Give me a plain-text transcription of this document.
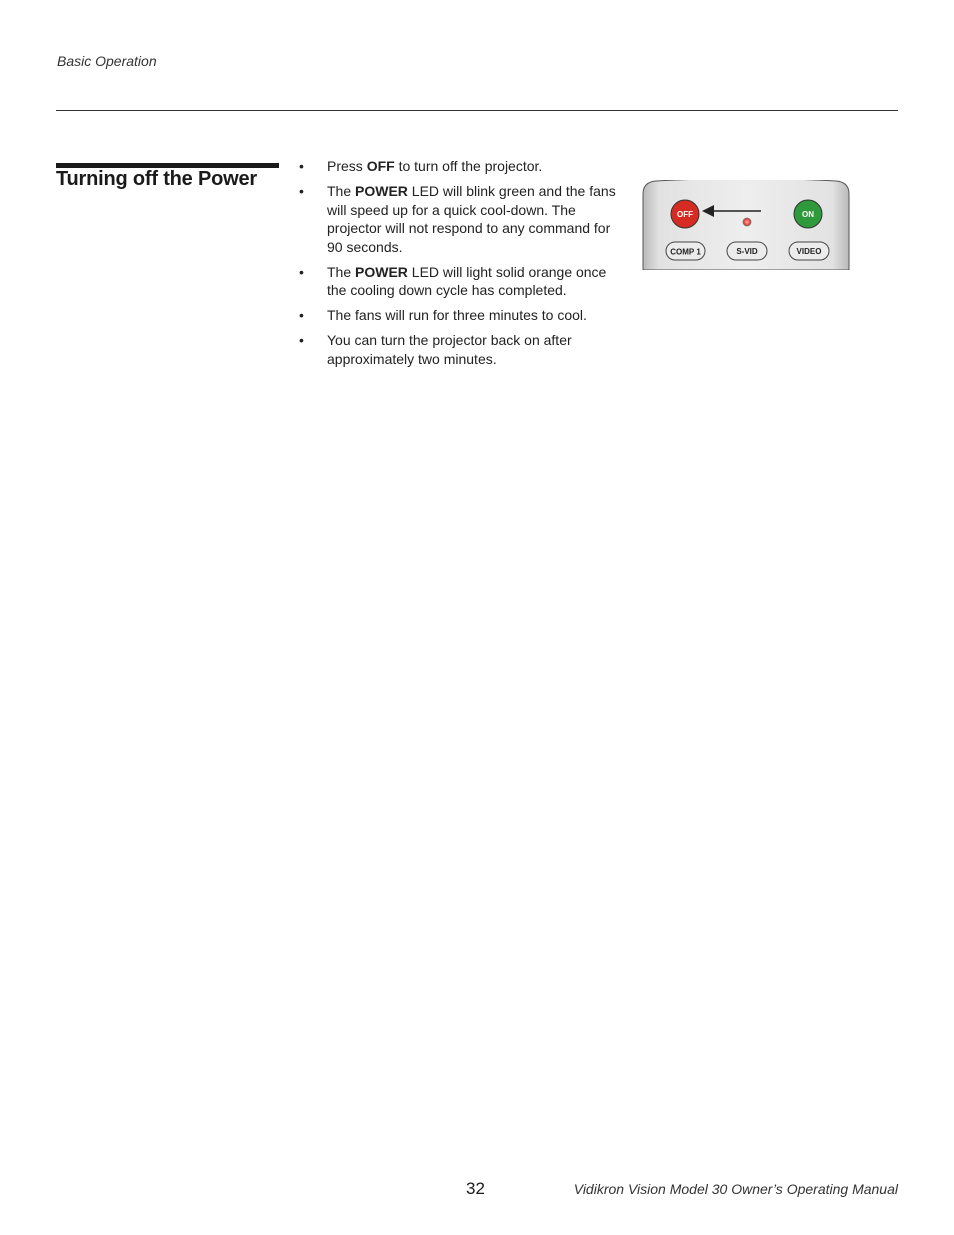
Basic Operation
Turning off the Power
• Press OFF to turn off the projector.
• The POWER LED will blink green and the fans will speed up for a quick cool-down. The projector will not respond to any command for 90 seconds.
• The POWER LED will light solid orange once the cooling down cycle has completed.
• The fans will run for three minutes to cool.
• You can turn the projector back on after approximately two minutes.
OFF	ON
COMP 1	S-VID	VIDEO
32	Vidikron Vision Model 30 Owner’s Operating Manual
